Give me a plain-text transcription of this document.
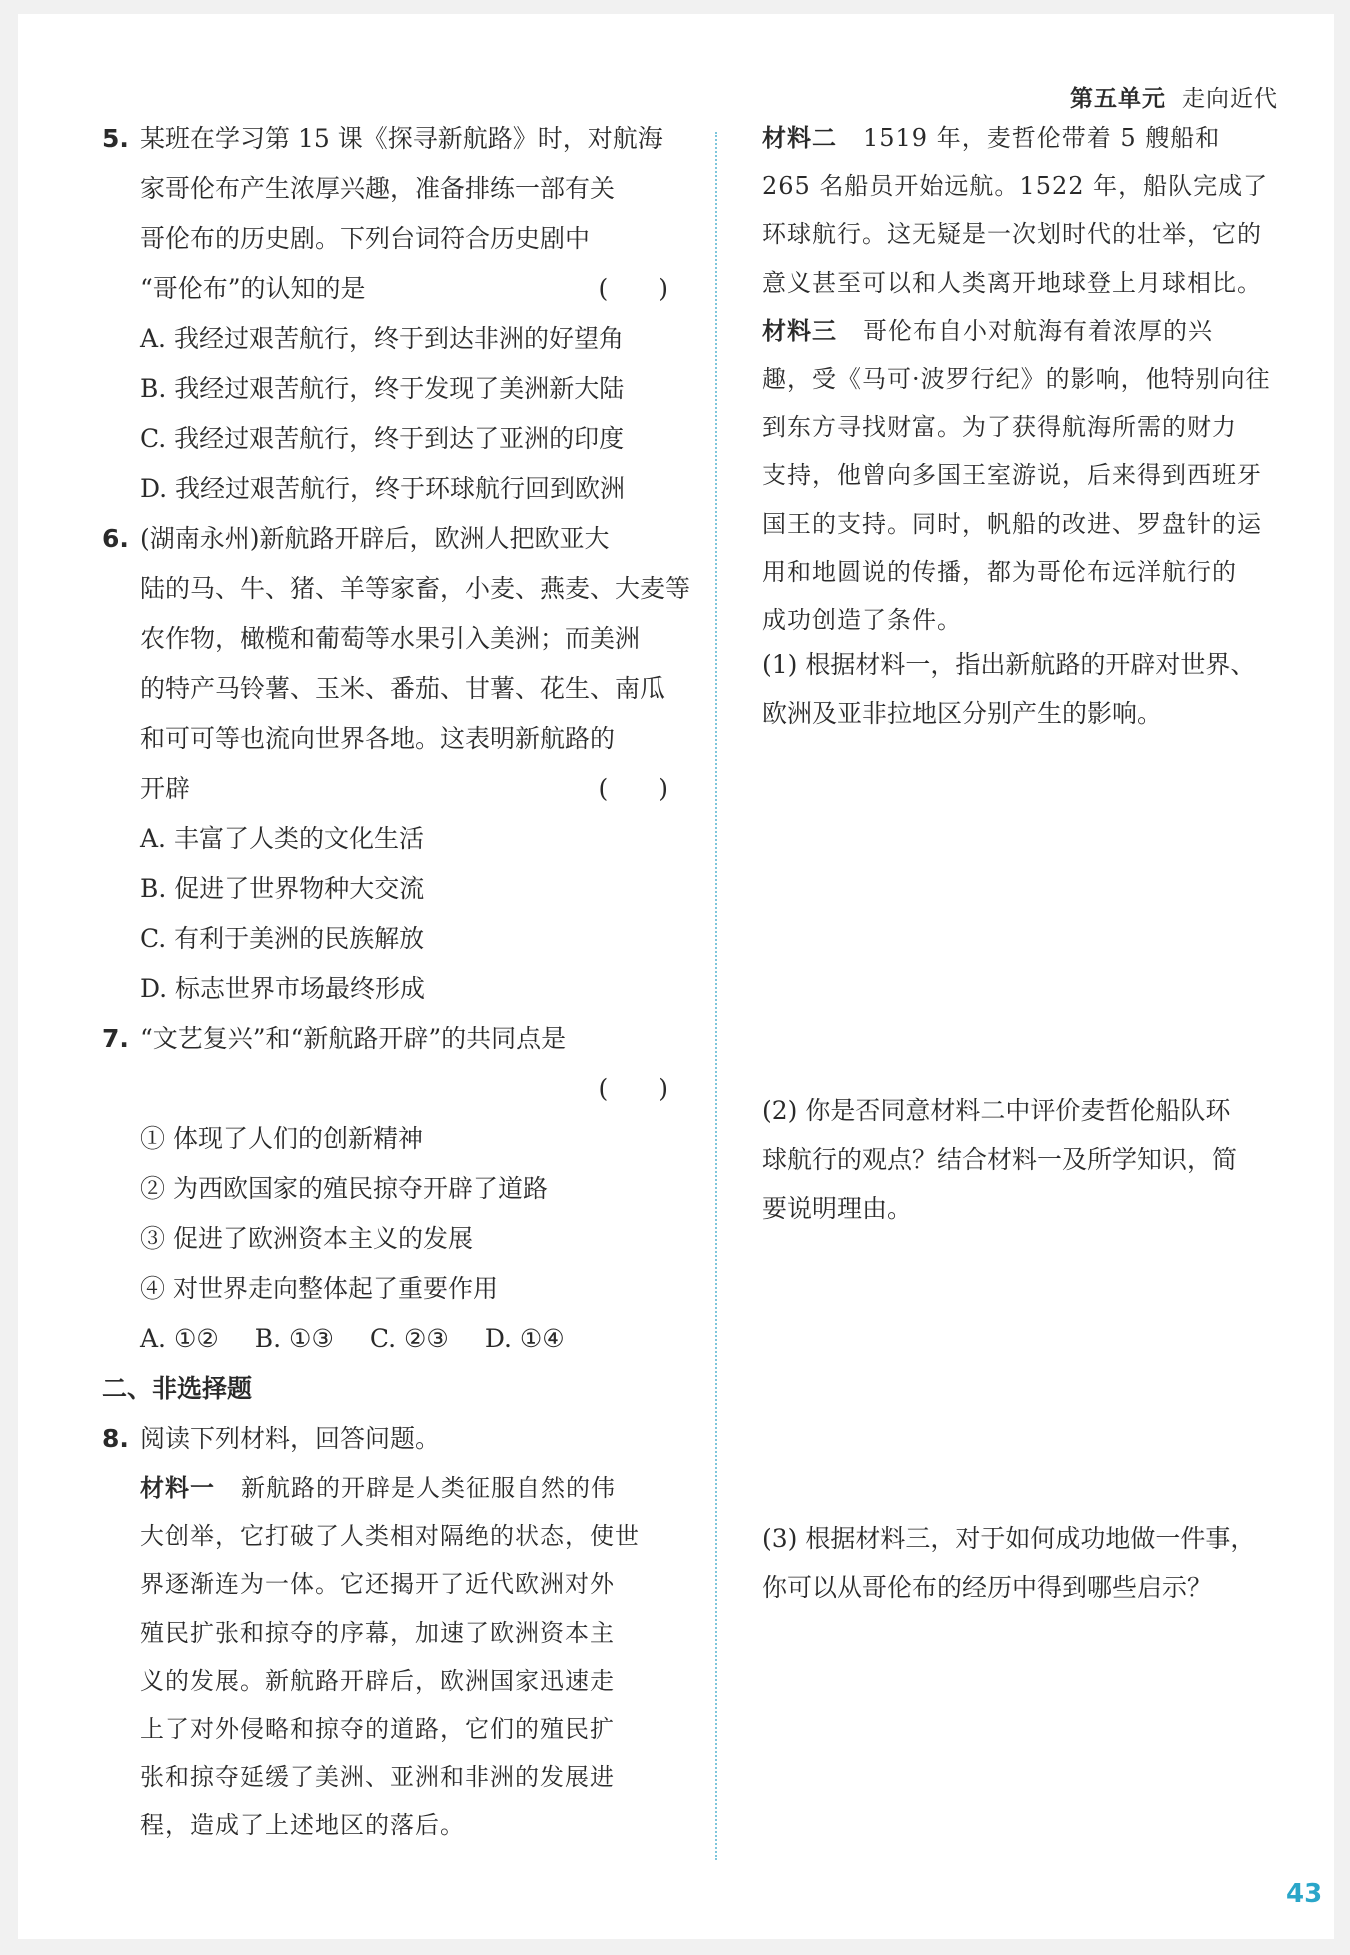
第五单元 走向近代
43
5. 某班在学习第 15 课《探寻新航路》时，对航海
家哥伦布产生浓厚兴趣，准备排练一部有关
哥伦布的历史剧。下列台词符合历史剧中
“哥伦布”的认知的是	(　　)
A. 我经过艰苦航行，终于到达非洲的好望角
B. 我经过艰苦航行，终于发现了美洲新大陆
C. 我经过艰苦航行，终于到达了亚洲的印度
D. 我经过艰苦航行，终于环球航行回到欧洲
6. (湖南永州)新航路开辟后，欧洲人把欧亚大
陆的马、牛、猪、羊等家畜，小麦、燕麦、大麦等
农作物，橄榄和葡萄等水果引入美洲；而美洲
的特产马铃薯、玉米、番茄、甘薯、花生、南瓜
和可可等也流向世界各地。这表明新航路的
开辟	(　　)
A. 丰富了人类的文化生活
B. 促进了世界物种大交流
C. 有利于美洲的民族解放
D. 标志世界市场最终形成
7. “文艺复兴”和“新航路开辟”的共同点是
(　　)
① 体现了人们的创新精神
② 为西欧国家的殖民掠夺开辟了道路
③ 促进了欧洲资本主义的发展
④ 对世界走向整体起了重要作用
A. ①② B. ①③ C. ②③ D. ①④
二、非选择题
8. 阅读下列材料，回答问题。
材料一 新航路的开辟是人类征服自然的伟
大创举，它打破了人类相对隔绝的状态，使世
界逐渐连为一体。它还揭开了近代欧洲对外
殖民扩张和掠夺的序幕，加速了欧洲资本主
义的发展。新航路开辟后，欧洲国家迅速走
上了对外侵略和掠夺的道路，它们的殖民扩
张和掠夺延缓了美洲、亚洲和非洲的发展进
程，造成了上述地区的落后。
材料二 1519 年，麦哲伦带着 5 艘船和
265 名船员开始远航。1522 年，船队完成了
环球航行。这无疑是一次划时代的壮举，它的
意义甚至可以和人类离开地球登上月球相比。
材料三 哥伦布自小对航海有着浓厚的兴
趣，受《马可·波罗行纪》的影响，他特别向往
到东方寻找财富。为了获得航海所需的财力
支持，他曾向多国王室游说，后来得到西班牙
国王的支持。同时，帆船的改进、罗盘针的运
用和地圆说的传播，都为哥伦布远洋航行的
成功创造了条件。
(1) 根据材料一，指出新航路的开辟对世界、
欧洲及亚非拉地区分别产生的影响。
(2) 你是否同意材料二中评价麦哲伦船队环
球航行的观点？结合材料一及所学知识，简
要说明理由。
(3) 根据材料三，对于如何成功地做一件事，
你可以从哥伦布的经历中得到哪些启示？
